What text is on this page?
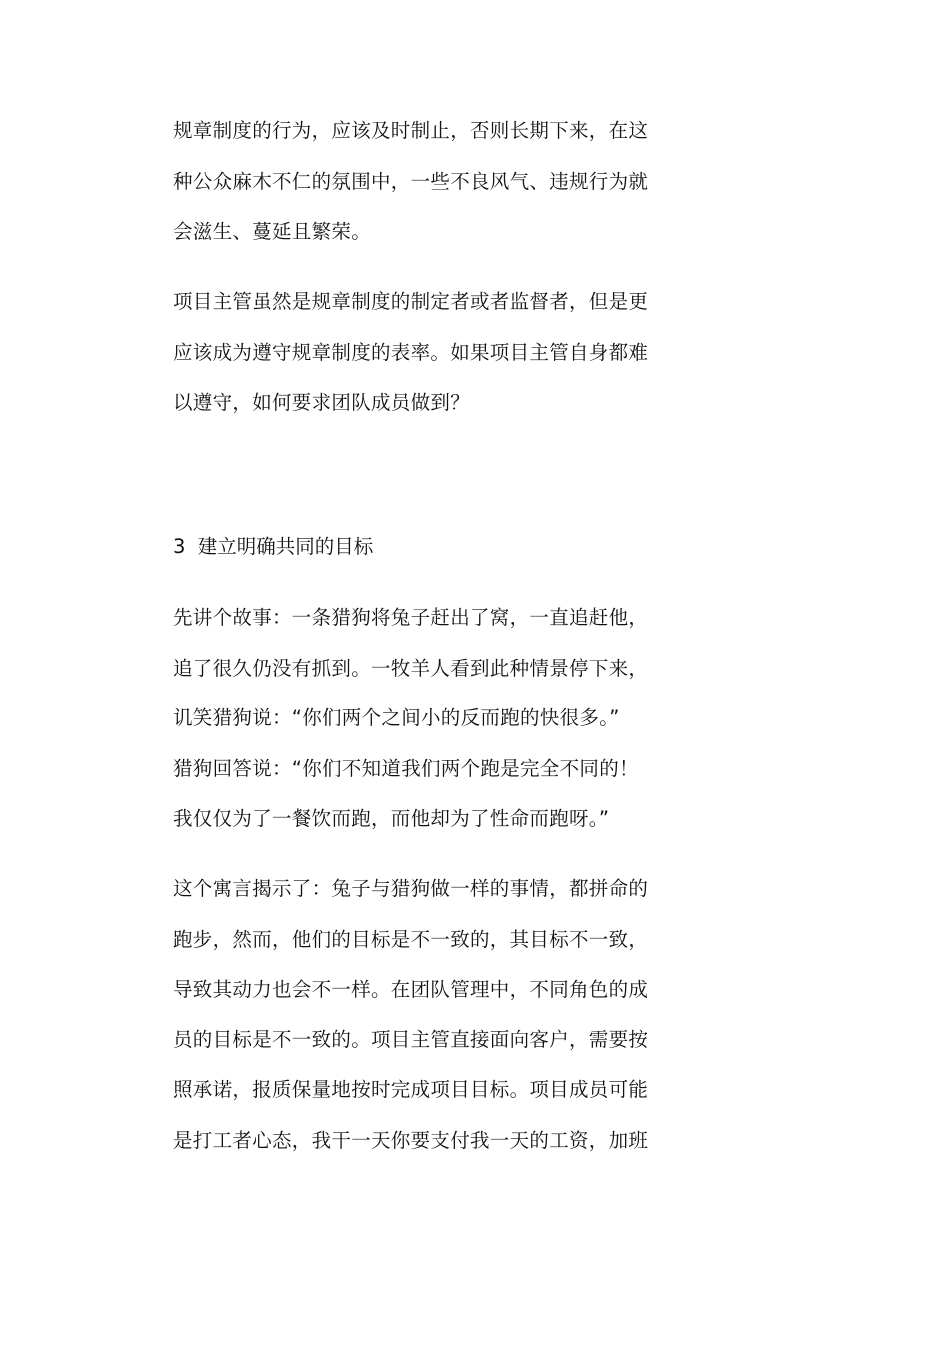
规章制度的行为，应该及时制止，否则长期下来，在这
种公众麻木不仁的氛围中，一些不良风气、违规行为就
会滋生、蔓延且繁荣。
项目主管虽然是规章制度的制定者或者监督者，但是更
应该成为遵守规章制度的表率。如果项目主管自身都难
以遵守，如何要求团队成员做到？
3  建立明确共同的目标
先讲个故事：一条猎狗将兔子赶出了窝，一直追赶他，
追了很久仍没有抓到。一牧羊人看到此种情景停下来，
讥笑猎狗说：“你们两个之间小的反而跑的快很多。”
猎狗回答说：“你们不知道我们两个跑是完全不同的！
我仅仅为了一餐饮而跑，而他却为了性命而跑呀。”
这个寓言揭示了：兔子与猎狗做一样的事情，都拼命的
跑步，然而，他们的目标是不一致的，其目标不一致，
导致其动力也会不一样。在团队管理中，不同角色的成
员的目标是不一致的。项目主管直接面向客户，需要按
照承诺，报质保量地按时完成项目目标。项目成员可能
是打工者心态，我干一天你要支付我一天的工资，加班
